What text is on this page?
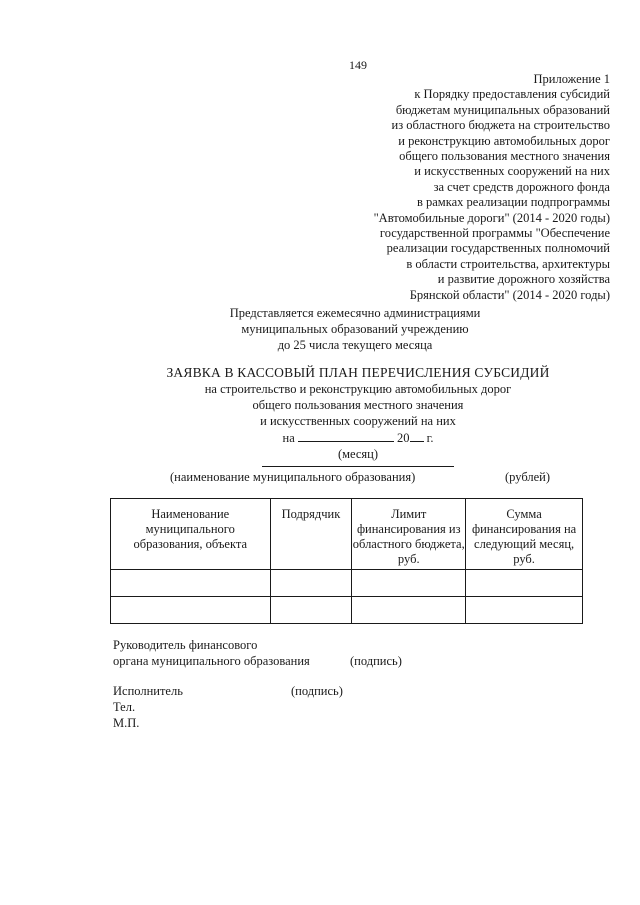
149
Приложение 1
к Порядку предоставления субсидий
бюджетам муниципальных образований
из областного бюджета на строительство
и реконструкцию автомобильных дорог
общего пользования местного значения
и искусственных сооружений на них
за счет средств дорожного фонда
в рамках реализации подпрограммы
"Автомобильные дороги" (2014 - 2020 годы)
государственной программы "Обеспечение
реализации государственных полномочий
в области строительства, архитектуры
и развитие дорожного хозяйства
Брянской области" (2014 - 2020 годы)
Представляется ежемесячно администрациями
муниципальных образований учреждению
до 25 числа текущего месяца
ЗАЯВКА В КАССОВЫЙ ПЛАН ПЕРЕЧИСЛЕНИЯ СУБСИДИЙ
на строительство и реконструкцию автомобильных дорог
общего пользования местного значения
и искусственных сооружений на них
на	20 г.
(месяц)
(наименование муниципального образования)	(рублей)
Наименование муниципального образования, объекта	Подрядчик	Лимит финансирования из областного бюджета, руб.	Сумма финансирования на следующий месяц, руб.

Руководитель финансового
органа муниципального образования	(подпись)
Исполнитель	(подпись)
Тел.
М.П.
